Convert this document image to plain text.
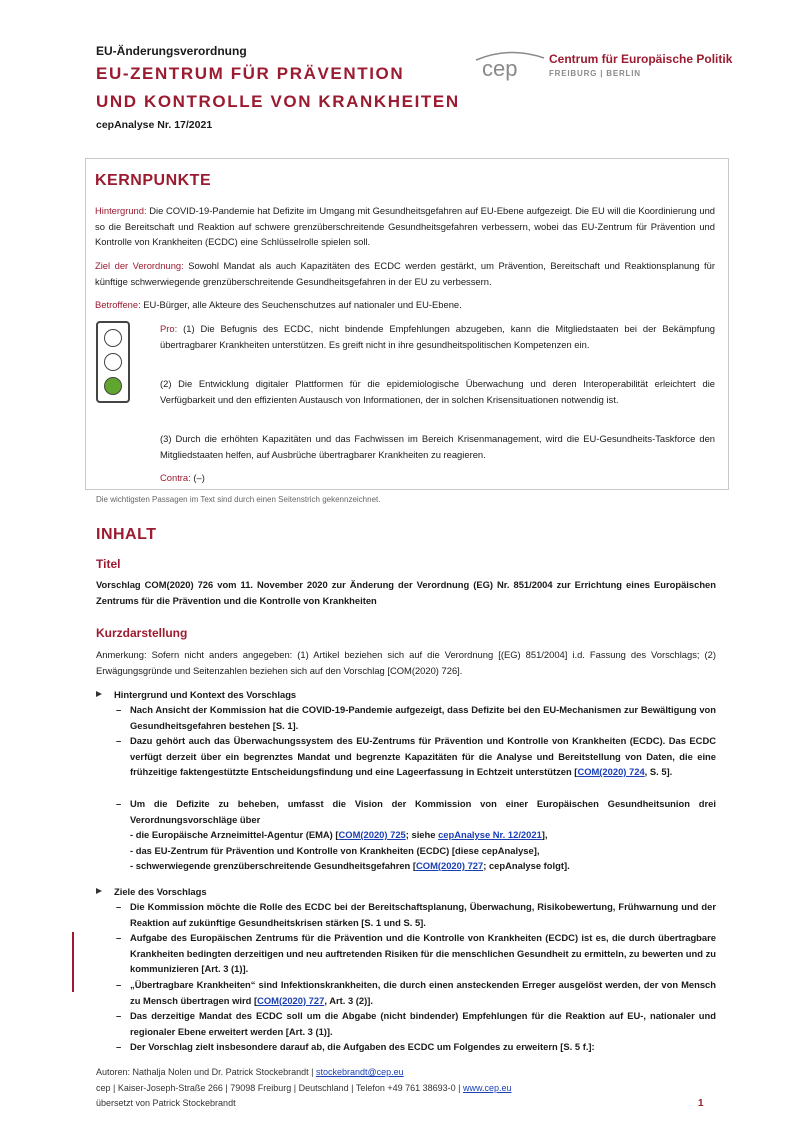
EU-Änderungsverordnung
EU-ZENTRUM FÜR PRÄVENTION
UND KONTROLLE VON KRANKHEITEN
cepAnalyse Nr. 17/2021
cep	Centrum für Europäische Politik
FREIBURG | BERLIN
KERNPUNKTE
Hintergrund: Die COVID-19-Pandemie hat Defizite im Umgang mit Gesundheitsgefahren auf EU-Ebene aufgezeigt. Die EU will die Koordinierung und so die Bereitschaft und Reaktion auf schwere grenzüberschreitende Gesundheitsgefahren verbessern, wobei das EU-Zentrum für Prävention und Kontrolle von Krankheiten (ECDC) eine Schlüsselrolle spielen soll.
Ziel der Verordnung: Sowohl Mandat als auch Kapazitäten des ECDC werden gestärkt, um Prävention, Bereitschaft und Reaktionsplanung für künftige schwerwiegende grenzüberschreitende Gesundheitsgefahren in der EU zu verbessern.
Betroffene: EU-Bürger, alle Akteure des Seuchenschutzes auf nationaler und EU-Ebene.
Pro: (1) Die Befugnis des ECDC, nicht bindende Empfehlungen abzugeben, kann die Mitgliedstaaten bei der Bekämpfung übertragbarer Krankheiten unterstützen. Es greift nicht in ihre gesundheitspolitischen Kompetenzen ein.
(2) Die Entwicklung digitaler Plattformen für die epidemiologische Überwachung und deren Interoperabilität erleichtert die Verfügbarkeit und den effizienten Austausch von Informationen, der in solchen Krisensituationen notwendig ist.
(3) Durch die erhöhten Kapazitäten und das Fachwissen im Bereich Krisenmanagement, wird die EU-Gesundheits-Taskforce den Mitgliedstaaten helfen, auf Ausbrüche übertragbarer Krankheiten zu reagieren.
Contra: (–)
Die wichtigsten Passagen im Text sind durch einen Seitenstrich gekennzeichnet.
INHALT
Titel
Vorschlag COM(2020) 726 vom 11. November 2020 zur Änderung der Verordnung (EG) Nr. 851/2004 zur Errichtung eines Europäischen Zentrums für die Prävention und die Kontrolle von Krankheiten
Kurzdarstellung
Anmerkung: Sofern nicht anders angegeben: (1) Artikel beziehen sich auf die Verordnung [(EG) 851/2004] i.d. Fassung des Vorschlags; (2) Erwägungsgründe und Seitenzahlen beziehen sich auf den Vorschlag [COM(2020) 726].
Hintergrund und Kontext des Vorschlags
– Nach Ansicht der Kommission hat die COVID-19-Pandemie aufgezeigt, dass Defizite bei den EU-Mechanismen zur Bewältigung von Gesundheitsgefahren bestehen [S. 1].
– Dazu gehört auch das Überwachungssystem des EU-Zentrums für Prävention und Kontrolle von Krankheiten (ECDC). Das ECDC verfügt derzeit über ein begrenztes Mandat und begrenzte Kapazitäten für die Analyse und Bereitstellung von Daten, die eine frühzeitige faktengestützte Entscheidungsfindung und eine Lageerfassung in Echtzeit unterstützen [COM(2020) 724, S. 5].
– Um die Defizite zu beheben, umfasst die Vision der Kommission von einer Europäischen Gesundheitsunion drei Verordnungsvorschläge über
- die Europäische Arzneimittel-Agentur (EMA) [COM(2020) 725; siehe cepAnalyse Nr. 12/2021],
- das EU-Zentrum für Prävention und Kontrolle von Krankheiten (ECDC) [diese cepAnalyse],
- schwerwiegende grenzüberschreitende Gesundheitsgefahren [COM(2020) 727; cepAnalyse folgt].
Ziele des Vorschlags
– Die Kommission möchte die Rolle des ECDC bei der Bereitschaftsplanung, Überwachung, Risikobewertung, Frühwarnung und der Reaktion auf zukünftige Gesundheitskrisen stärken [S. 1 und S. 5].
– Aufgabe des Europäischen Zentrums für die Prävention und die Kontrolle von Krankheiten (ECDC) ist es, die durch übertragbare Krankheiten bedingten derzeitigen und neu auftretenden Risiken für die menschlichen Gesundheit zu ermitteln, zu bewerten und zu kommunizieren [Art. 3 (1)].
– „Übertragbare Krankheiten“ sind Infektionskrankheiten, die durch einen ansteckenden Erreger ausgelöst werden, der von Mensch zu Mensch übertragen wird [COM(2020) 727, Art. 3 (2)].
– Das derzeitige Mandat des ECDC soll um die Abgabe (nicht bindender) Empfehlungen für die Reaktion auf EU-, nationaler und regionaler Ebene erweitert werden [Art. 3 (1)].
– Der Vorschlag zielt insbesondere darauf ab, die Aufgaben des ECDC um Folgendes zu erweitern [S. 5 f.]:
Autoren: Nathalja Nolen und Dr. Patrick Stockebrandt | stockebrandt@cep.eu
cep | Kaiser-Joseph-Straße 266 | 79098 Freiburg | Deutschland | Telefon +49 761 38693-0 | www.cep.eu
übersetzt von Patrick Stockebrandt	1
